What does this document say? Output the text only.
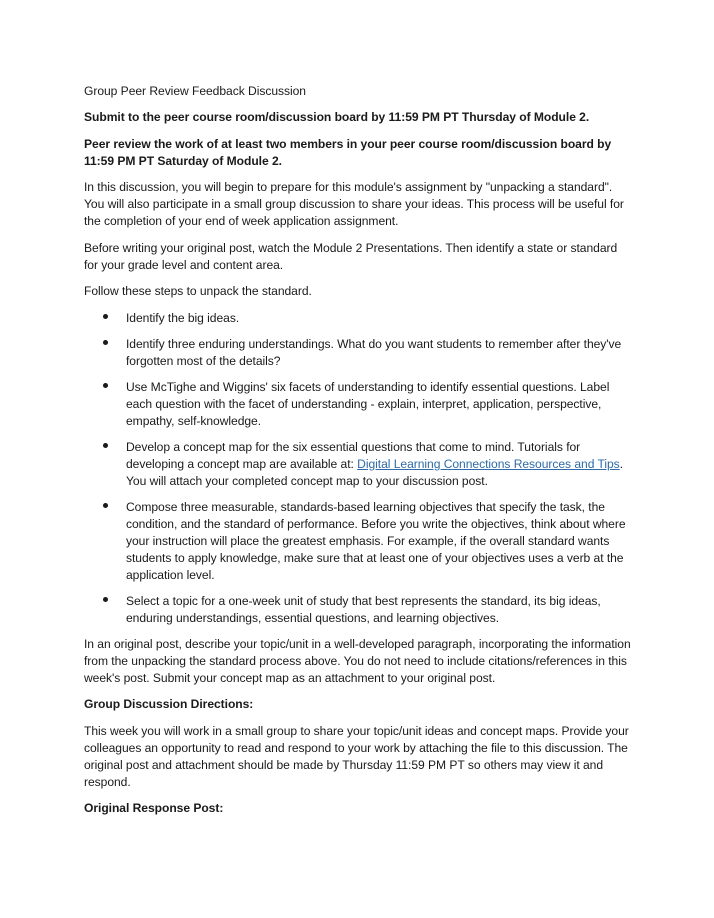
Group Peer Review Feedback Discussion

Submit to the peer course room/discussion board by 11:59 PM PT Thursday of Module 2.

Peer review the work of at least two members in your peer course room/discussion board by 11:59 PM PT Saturday of Module 2.

In this discussion, you will begin to prepare for this module's assignment by "unpacking a standard". You will also participate in a small group discussion to share your ideas. This process will be useful for the completion of your end of week application assignment.

Before writing your original post, watch the Module 2 Presentations. Then identify a state or standard for your grade level and content area.

Follow these steps to unpack the standard.

Identify the big ideas.
Identify three enduring understandings. What do you want students to remember after they've forgotten most of the details?
Use McTighe and Wiggins' six facets of understanding to identify essential questions. Label each question with the facet of understanding - explain, interpret, application, perspective, empathy, self-knowledge.
Develop a concept map for the six essential questions that come to mind. Tutorials for developing a concept map are available at: Digital Learning Connections Resources and Tips. You will attach your completed concept map to your discussion post.
Compose three measurable, standards-based learning objectives that specify the task, the condition, and the standard of performance. Before you write the objectives, think about where your instruction will place the greatest emphasis. For example, if the overall standard wants students to apply knowledge, make sure that at least one of your objectives uses a verb at the application level.
Select a topic for a one-week unit of study that best represents the standard, its big ideas, enduring understandings, essential questions, and learning objectives.

In an original post, describe your topic/unit in a well-developed paragraph, incorporating the information from the unpacking the standard process above. You do not need to include citations/references in this week's post. Submit your concept map as an attachment to your original post.

Group Discussion Directions:

This week you will work in a small group to share your topic/unit ideas and concept maps. Provide your colleagues an opportunity to read and respond to your work by attaching the file to this discussion. The original post and attachment should be made by Thursday 11:59 PM PT so others may view it and respond.

Original Response Post:
